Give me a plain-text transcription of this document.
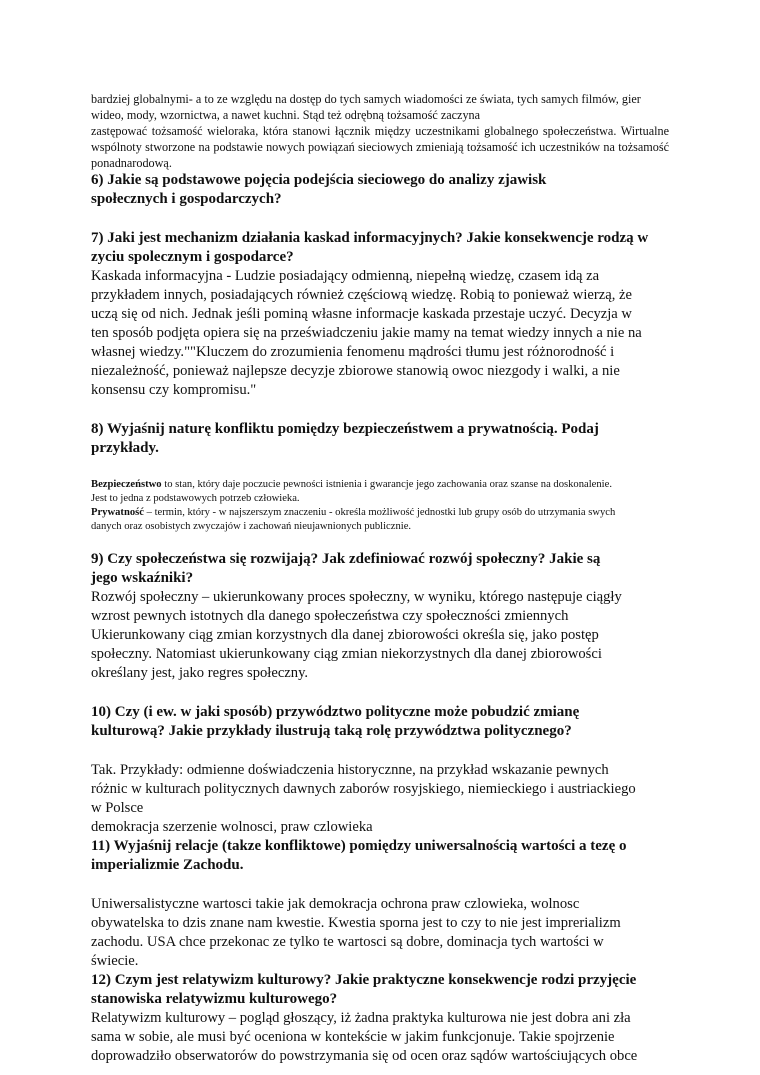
bardziej globalnymi- a to ze względu na dostęp do tych samych wiadomości ze świata, tych samych filmów, gier

wideo, mody, wzornictwa, a nawet kuchni. Stąd też odrębną tożsamość zaczyna

zastępować tożsamość wieloraka, która stanowi łącznik między uczestnikami globalnego społeczeństwa. Wirtualne wspólnoty stworzone na podstawie nowych powiązań sieciowych zmieniają tożsamość ich uczestników na tożsamość ponadnarodową.

6) Jakie są podstawowe pojęcia podejścia sieciowego do analizy zjawisk

społecznych i gospodarczych?

7) Jaki jest mechanizm działania kaskad informacyjnych? Jakie konsekwencje rodzą w

zyciu spolecznym i gospodarce?

Kaskada informacyjna - Ludzie posiadający odmienną, niepełną wiedzę, czasem idą za

przykładem innych, posiadających również częściową wiedzę. Robią to ponieważ wierzą, że

uczą się od nich. Jednak jeśli pominą własne informacje kaskada przestaje uczyć. Decyzja w

ten sposób podjęta opiera się na przeświadczeniu jakie mamy na temat wiedzy innych a nie na

własnej wiedzy.""Kluczem do zrozumienia fenomenu mądrości tłumu jest różnorodność i

niezależność, ponieważ najlepsze decyzje zbiorowe stanowią owoc niezgody i walki, a nie

konsensu czy kompromisu."

8) Wyjaśnij naturę konfliktu pomiędzy bezpieczeństwem a prywatnością. Podaj

przykłady.

Bezpieczeństwo to stan, który daje poczucie pewności istnienia i gwarancje jego zachowania oraz szanse na doskonalenie.

Jest to jedna z podstawowych potrzeb człowieka.

Prywatność – termin, który - w najszerszym znaczeniu - określa możliwość jednostki lub grupy osób do utrzymania swych

danych oraz osobistych zwyczajów i zachowań nieujawnionych publicznie.

9) Czy społeczeństwa się rozwijają? Jak zdefiniować rozwój społeczny? Jakie są

jego wskaźniki?

Rozwój społeczny – ukierunkowany proces społeczny, w wyniku, którego następuje ciągły

wzrost pewnych istotnych dla danego społeczeństwa czy społeczności zmiennych

Ukierunkowany ciąg zmian korzystnych dla danej zbiorowości określa się, jako postęp

społeczny. Natomiast ukierunkowany ciąg zmian niekorzystnych dla danej zbiorowości

określany jest, jako regres społeczny.

10) Czy (i ew. w jaki sposób) przywództwo polityczne może pobudzić zmianę

kulturową? Jakie przykłady ilustrują taką rolę przywództwa politycznego?

Tak. Przykłady: odmienne doświadczenia historycznne, na przykład wskazanie pewnych

różnic w kulturach politycznych dawnych zaborów rosyjskiego, niemieckiego i austriackiego

w Polsce

demokracja szerzenie wolnosci, praw czlowieka

11) Wyjaśnij relacje (takze konfliktowe) pomiędzy uniwersalnością wartości a tezę o

imperializmie Zachodu.

Uniwersalistyczne wartosci takie jak demokracja ochrona praw czlowieka, wolnosc

obywatelska to dzis znane nam kwestie. Kwestia sporna jest to czy to nie jest imprerializm

zachodu. USA chce przekonac ze tylko te wartosci są dobre, dominacja tych wartości w

świecie.

12) Czym jest relatywizm kulturowy? Jakie praktyczne konsekwencje rodzi przyjęcie

stanowiska relatywizmu kulturowego?

Relatywizm kulturowy – pogląd głoszący, iż żadna praktyka kulturowa nie jest dobra ani zła

sama w sobie, ale musi być oceniona w kontekście w jakim funkcjonuje. Takie spojrzenie

doprowadziło obserwatorów do powstrzymania się od ocen oraz sądów wartościujących obce
